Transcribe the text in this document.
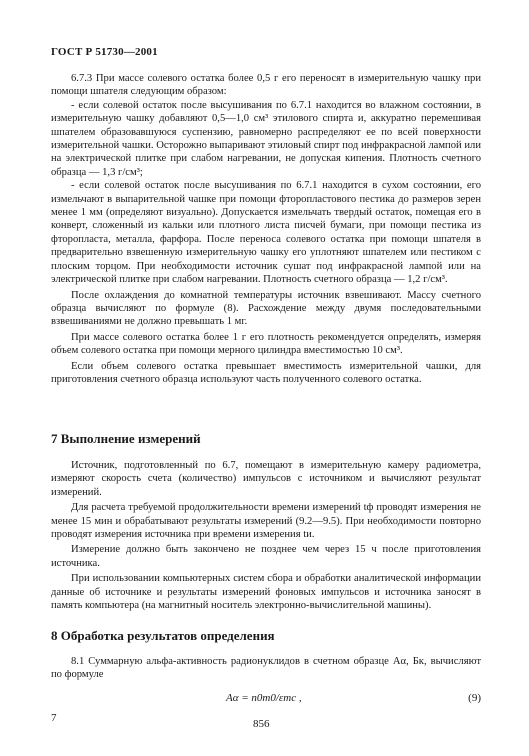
ГОСТ Р 51730—2001

6.7.3 При массе солевого остатка более 0,5 г его переносят в измерительную чашку при помощи шпателя следующим образом:

- если солевой остаток после высушивания по 6.7.1 находится во влажном состоянии, в измерительную чашку добавляют 0,5—1,0 см³ этилового спирта и, аккуратно перемешивая шпателем образовавшуюся суспензию, равномерно распределяют ее по всей поверхности измерительной чашки. Осторожно выпаривают этиловый спирт под инфракрасной лампой или на электрической плитке при слабом нагревании, не допуская кипения. Плотность счетного образца — 1,3 г/см³;

- если солевой остаток после высушивания по 6.7.1 находится в сухом состоянии, его измельчают в выпарительной чашке при помощи фторопластового пестика до размеров зерен менее 1 мм (определяют визуально). Допускается измельчать твердый остаток, помещая его в конверт, сложенный из кальки или плотного листа писчей бумаги, при помощи пестика из фторопласта, металла, фарфора. После переноса солевого остатка при помощи шпателя в предварительно взвешенную измерительную чашку его уплотняют шпателем или пестиком с плоским торцом. При необходимости источник сушат под инфракрасной лампой или на электрической плитке при слабом нагревании. Плотность счетного образца — 1,2 г/см³.

После охлаждения до комнатной температуры источник взвешивают. Массу счетного образца вычисляют по формуле (8). Расхождение между двумя последовательными взвешиваниями не должно превышать 1 мг.

При массе солевого остатка более 1 г его плотность рекомендуется определять, измеряя объем солевого остатка при помощи мерного цилиндра вместимостью 10 см³.

Если объем солевого остатка превышает вместимость измерительной чашки, для приготовления счетного образца используют часть полученного солевого остатка.

7 Выполнение измерений

Источник, подготовленный по 6.7, помещают в измерительную камеру радиометра, измеряют скорость счета (количество) импульсов с источником и вычисляют результат измерений.

Для расчета требуемой продолжительности времени измерений tф проводят измерения не менее 15 мин и обрабатывают результаты измерений (9.2—9.5). При необходимости повторно проводят измерения источника при времени измерения tи.

Измерение должно быть закончено не позднее чем через 15 ч после приготовления источника.

При использовании компьютерных систем сбора и обработки аналитической информации данные об источнике и результаты измерений фоновых импульсов и источника заносят в память компьютера (на магнитный носитель электронно-вычислительной машины).

8 Обработка результатов определения

8.1 Суммарную альфа-активность радионуклидов в счетном образце Aα, Бк, вычисляют по формуле

Aα = n0m0/εmc ,	(9)
7	856
